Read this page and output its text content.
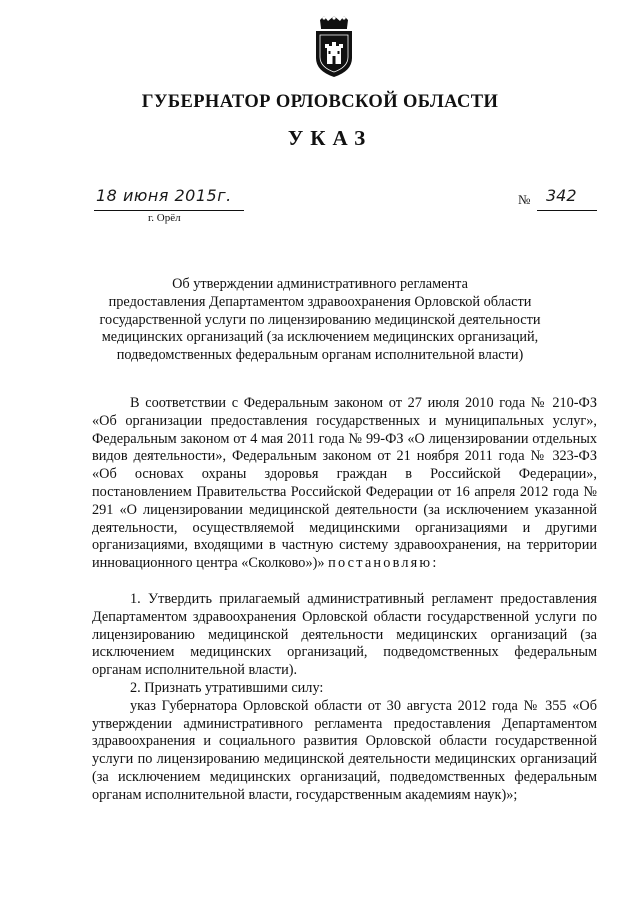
ГУБЕРНАТОР ОРЛОВСКОЙ ОБЛАСТИ
УКАЗ
18 июня 2015г.
г. Орёл
№ 342
Об утверждении административного регламента
предоставления Департаментом здравоохранения Орловской области
государственной услуги по лицензированию медицинской деятельности
медицинских организаций (за исключением медицинских организаций,
подведомственных федеральным органам исполнительной власти)

В соответствии с Федеральным законом от 27 июля 2010 года № 210-ФЗ «Об организации предоставления государственных и муниципальных услуг», Федеральным законом от 4 мая 2011 года № 99-ФЗ «О лицензировании отдельных видов деятельности», Федеральным законом от 21 ноября 2011 года № 323-ФЗ «Об основах охраны здоровья граждан в Российской Федерации», постановлением Правительства Российской Федерации от 16 апреля 2012 года № 291 «О лицензировании медицинской деятельности (за исключением указанной деятельности, осуществляемой медицинскими организациями и другими организациями, входящими в частную систему здравоохранения, на территории инновационного центра «Сколково»)» постановляю:

1. Утвердить прилагаемый административный регламент предоставления Департаментом здравоохранения Орловской области государственной услуги по лицензированию медицинской деятельности медицинских организаций (за исключением медицинских организаций, подведомственных федеральным органам исполнительной власти).

2. Признать утратившими силу:

указ Губернатора Орловской области от 30 августа 2012 года № 355 «Об утверждении административного регламента предоставления Департаментом здравоохранения и социального развития Орловской области государственной услуги по лицензированию медицинской деятельности медицинских организаций (за исключением медицинских организаций, подведомственных федеральным органам исполнительной власти, государственным академиям наук)»;
